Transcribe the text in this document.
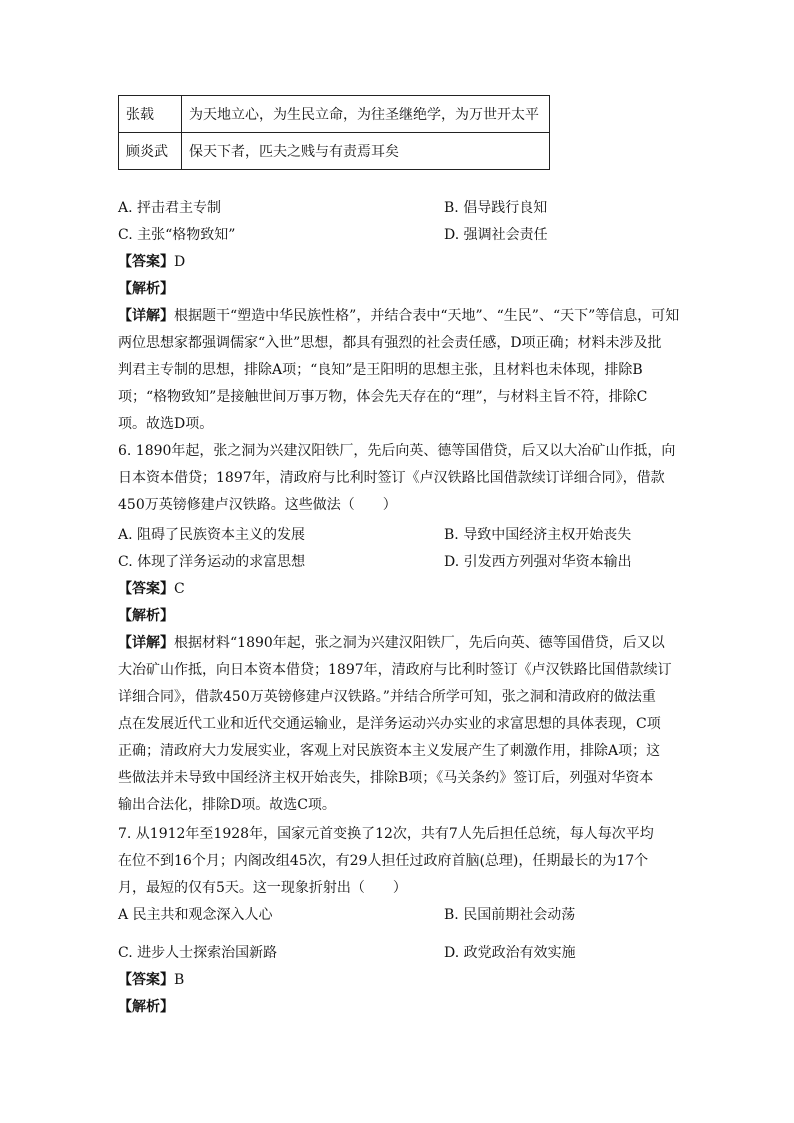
张载	为天地立心，为生民立命，为往圣继绝学，为万世开太平
顾炎武	保天下者，匹夫之贱与有责焉耳矣
A. 抨击君主专制	B. 倡导践行良知
C. 主张“格物致知”	D. 强调社会责任
【答案】D
【解析】
【详解】根据题干“塑造中华民族性格”，并结合表中“天地”、“生民”、“天下”等信息，可知
两位思想家都强调儒家“入世”思想，都具有强烈的社会责任感，D项正确；材料未涉及批
判君主专制的思想，排除A项；“良知”是王阳明的思想主张，且材料也未体现，排除B
项；“格物致知”是接触世间万事万物，体会先天存在的“理”，与材料主旨不符，排除C
项。故选D项。
6. 1890年起，张之洞为兴建汉阳铁厂，先后向英、德等国借贷，后又以大冶矿山作抵，向
日本资本借贷；1897年，清政府与比利时签订《卢汉铁路比国借款续订详细合同》，借款
450万英镑修建卢汉铁路。这些做法（　　）
A. 阻碍了民族资本主义的发展	B. 导致中国经济主权开始丧失
C. 体现了洋务运动的求富思想	D. 引发西方列强对华资本输出
【答案】C
【解析】
【详解】根据材料“1890年起，张之洞为兴建汉阳铁厂，先后向英、德等国借贷，后又以
大冶矿山作抵，向日本资本借贷；1897年，清政府与比利时签订《卢汉铁路比国借款续订
详细合同》，借款450万英镑修建卢汉铁路。”并结合所学可知，张之洞和清政府的做法重
点在发展近代工业和近代交通运输业，是洋务运动兴办实业的求富思想的具体表现，C项
正确；清政府大力发展实业，客观上对民族资本主义发展产生了刺激作用，排除A项；这
些做法并未导致中国经济主权开始丧失，排除B项；《马关条约》签订后，列强对华资本
输出合法化，排除D项。故选C项。
7. 从1912年至1928年，国家元首变换了12次，共有7人先后担任总统，每人每次平均
在位不到16个月；内阁改组45次，有29人担任过政府首脑(总理)，任期最长的为17个
月，最短的仅有5天。这一现象折射出（　　）
A 民主共和观念深入人心	B. 民国前期社会动荡
C. 进步人士探索治国新路	D. 政党政治有效实施
【答案】B
【解析】
